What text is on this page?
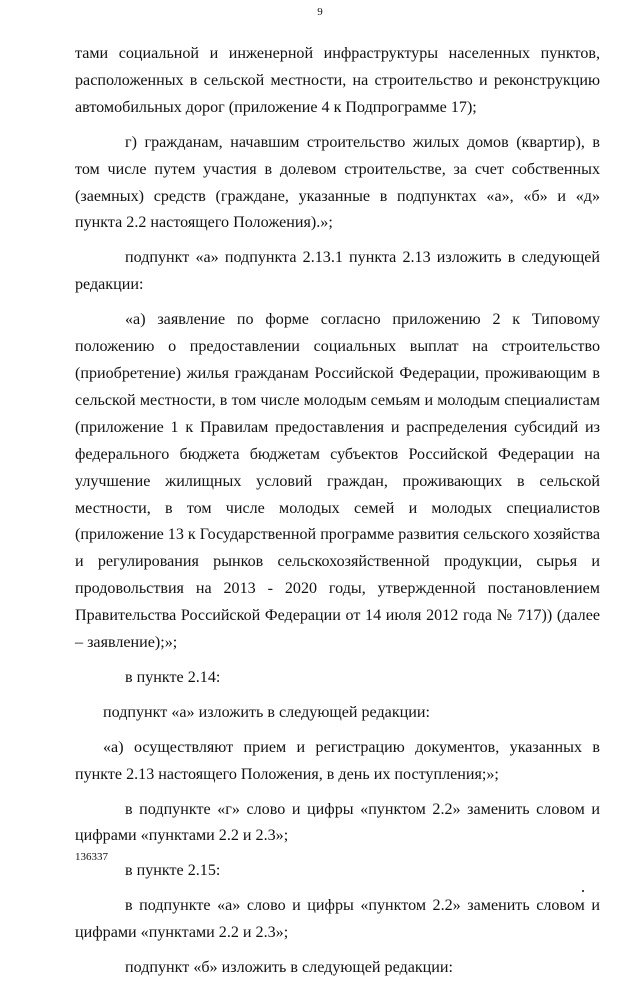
9

тами социальной и инженерной инфраструктуры населенных пунктов, расположенных в сельской местности, на строительство и реконструкцию автомобильных дорог (приложение 4 к Подпрограмме 17);

г) гражданам, начавшим строительство жилых домов (квартир), в том числе путем участия в долевом строительстве, за счет собственных (заемных) средств (граждане, указанные в подпунктах «а», «б» и «д» пункта 2.2 настоящего Положения).»;

подпункт «а» подпункта 2.13.1 пункта 2.13 изложить в следующей редакции:

«а) заявление по форме согласно приложению 2 к Типовому положению о предоставлении социальных выплат на строительство (приобретение) жилья гражданам Российской Федерации, проживающим в сельской местности, в том числе молодым семьям и молодым специалистам (приложение 1 к Правилам предоставления и распределения субсидий из федерального бюджета бюджетам субъектов Российской Федерации на улучшение жилищных условий граждан, проживающих в сельской местности, в том числе молодых семей и молодых специалистов (приложение 13 к Государственной программе развития сельского хозяйства и регулирования рынков сельскохозяйственной продукции, сырья и продовольствия на 2013 - 2020 годы, утвержденной постановлением Правительства Российской Федерации от 14 июля 2012 года № 717)) (далее – заявление);»;

в пункте 2.14:

подпункт «а» изложить в следующей редакции:

«а) осуществляют прием и регистрацию документов, указанных в пункте 2.13 настоящего Положения, в день их поступления;»;

в подпункте «г» слово и цифры «пунктом 2.2» заменить словом и цифрами «пунктами 2.2 и 2.3»;

в пункте 2.15:

в подпункте «а» слово и цифры «пунктом 2.2» заменить словом и цифрами «пунктами 2.2 и 2.3»;

подпункт «б» изложить в следующей редакции:

136337
